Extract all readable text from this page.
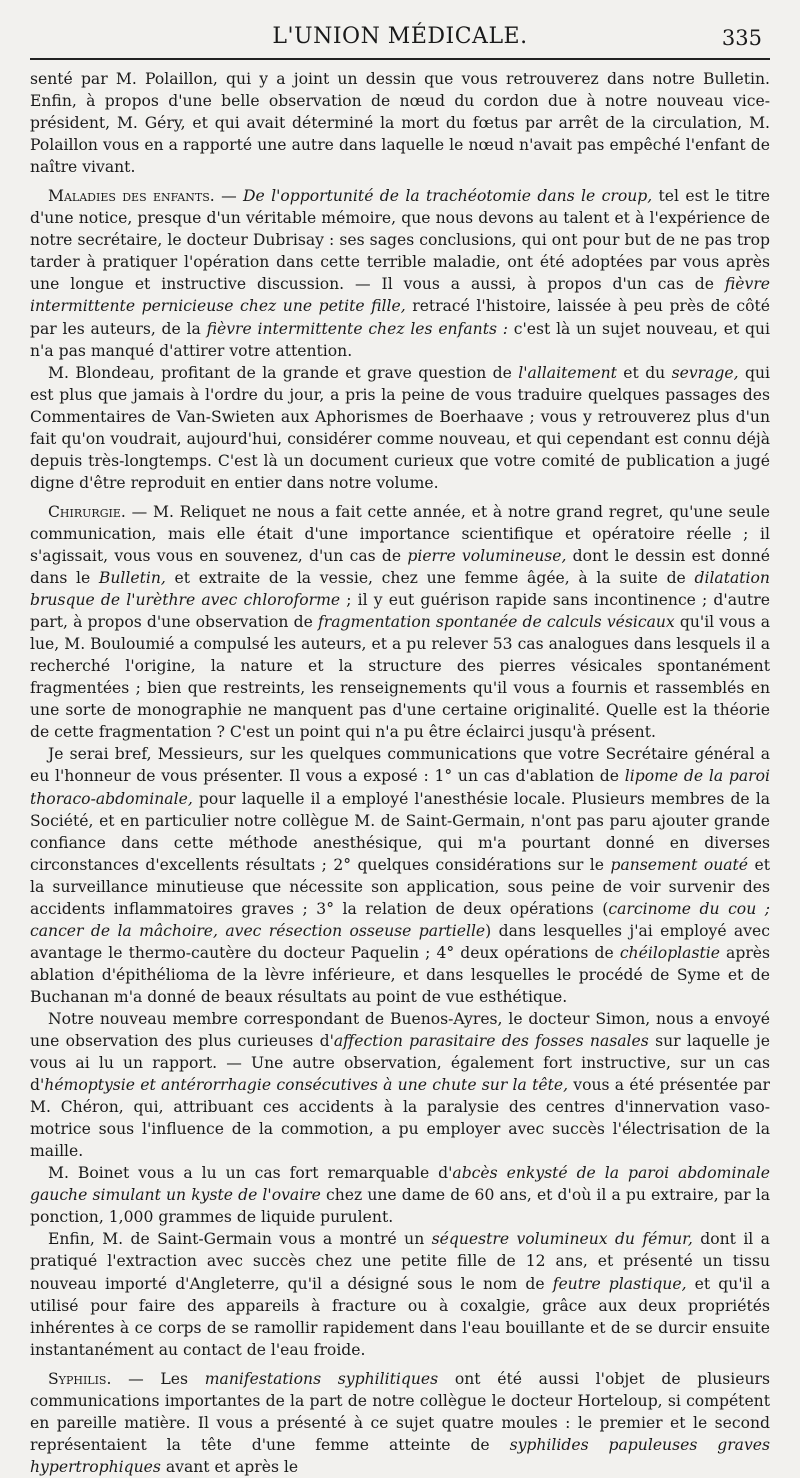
L'UNION MÉDICALE.	335

senté par M. Polaillon, qui y a joint un dessin que vous retrouverez dans notre Bulletin. Enfin, à propos d'une belle observation de nœud du cordon due à notre nouveau vice-président, M. Géry, et qui avait déterminé la mort du fœtus par arrêt de la circulation, M. Polaillon vous en a rapporté une autre dans laquelle le nœud n'avait pas empêché l'enfant de naître vivant.

Maladies des enfants. — De l'opportunité de la trachéotomie dans le croup, tel est le titre d'une notice, presque d'un véritable mémoire, que nous devons au talent et à l'expérience de notre secrétaire, le docteur Dubrisay : ses sages conclusions, qui ont pour but de ne pas trop tarder à pratiquer l'opération dans cette terrible maladie, ont été adoptées par vous après une longue et instructive discussion. — Il vous a aussi, à propos d'un cas de fièvre intermittente pernicieuse chez une petite fille, retracé l'histoire, laissée à peu près de côté par les auteurs, de la fièvre intermittente chez les enfants : c'est là un sujet nouveau, et qui n'a pas manqué d'attirer votre attention.

M. Blondeau, profitant de la grande et grave question de l'allaitement et du sevrage, qui est plus que jamais à l'ordre du jour, a pris la peine de vous traduire quelques passages des Commentaires de Van-Swieten aux Aphorismes de Boerhaave ; vous y retrouverez plus d'un fait qu'on voudrait, aujourd'hui, considérer comme nouveau, et qui cependant est connu déjà depuis très-longtemps. C'est là un document curieux que votre comité de publication a jugé digne d'être reproduit en entier dans notre volume.

Chirurgie. — M. Reliquet ne nous a fait cette année, et à notre grand regret, qu'une seule communication, mais elle était d'une importance scientifique et opératoire réelle ; il s'agissait, vous vous en souvenez, d'un cas de pierre volumineuse, dont le dessin est donné dans le Bulletin, et extraite de la vessie, chez une femme âgée, à la suite de dilatation brusque de l'urèthre avec chloroforme ; il y eut guérison rapide sans incontinence ; d'autre part, à propos d'une observation de fragmentation spontanée de calculs vésicaux qu'il vous a lue, M. Bouloumié a compulsé les auteurs, et a pu relever 53 cas analogues dans lesquels il a recherché l'origine, la nature et la structure des pierres vésicales spontanément fragmentées ; bien que restreints, les renseignements qu'il vous a fournis et rassemblés en une sorte de monographie ne manquent pas d'une certaine originalité. Quelle est la théorie de cette fragmentation ? C'est un point qui n'a pu être éclairci jusqu'à présent.

Je serai bref, Messieurs, sur les quelques communications que votre Secrétaire général a eu l'honneur de vous présenter. Il vous a exposé : 1° un cas d'ablation de lipome de la paroi thoraco-abdominale, pour laquelle il a employé l'anesthésie locale. Plusieurs membres de la Société, et en particulier notre collègue M. de Saint-Germain, n'ont pas paru ajouter grande confiance dans cette méthode anesthésique, qui m'a pourtant donné en diverses circonstances d'excellents résultats ; 2° quelques considérations sur le pansement ouaté et la surveillance minutieuse que nécessite son application, sous peine de voir survenir des accidents inflammatoires graves ; 3° la relation de deux opérations (carcinome du cou ; cancer de la mâchoire, avec résection osseuse partielle) dans lesquelles j'ai employé avec avantage le thermo-cautère du docteur Paquelin ; 4° deux opérations de chéiloplastie après ablation d'épithélioma de la lèvre inférieure, et dans lesquelles le procédé de Syme et de Buchanan m'a donné de beaux résultats au point de vue esthétique.

Notre nouveau membre correspondant de Buenos-Ayres, le docteur Simon, nous a envoyé une observation des plus curieuses d'affection parasitaire des fosses nasales sur laquelle je vous ai lu un rapport. — Une autre observation, également fort instructive, sur un cas d'hémoptysie et antérorrhagie consécutives à une chute sur la tête, vous a été présentée par M. Chéron, qui, attribuant ces accidents à la paralysie des centres d'innervation vaso-motrice sous l'influence de la commotion, a pu employer avec succès l'électrisation de la maille.

M. Boinet vous a lu un cas fort remarquable d'abcès enkysté de la paroi abdominale gauche simulant un kyste de l'ovaire chez une dame de 60 ans, et d'où il a pu extraire, par la ponction, 1,000 grammes de liquide purulent.

Enfin, M. de Saint-Germain vous a montré un séquestre volumineux du fémur, dont il a pratiqué l'extraction avec succès chez une petite fille de 12 ans, et présenté un tissu nouveau importé d'Angleterre, qu'il a désigné sous le nom de feutre plastique, et qu'il a utilisé pour faire des appareils à fracture ou à coxalgie, grâce aux deux propriétés inhérentes à ce corps de se ramollir rapidement dans l'eau bouillante et de se durcir ensuite instantanément au contact de l'eau froide.

Syphilis. — Les manifestations syphilitiques ont été aussi l'objet de plusieurs communications importantes de la part de notre collègue le docteur Horteloup, si compétent en pareille matière. Il vous a présenté à ce sujet quatre moules : le premier et le second représentaient la tête d'une femme atteinte de syphilides papuleuses graves hypertrophiques avant et après le
